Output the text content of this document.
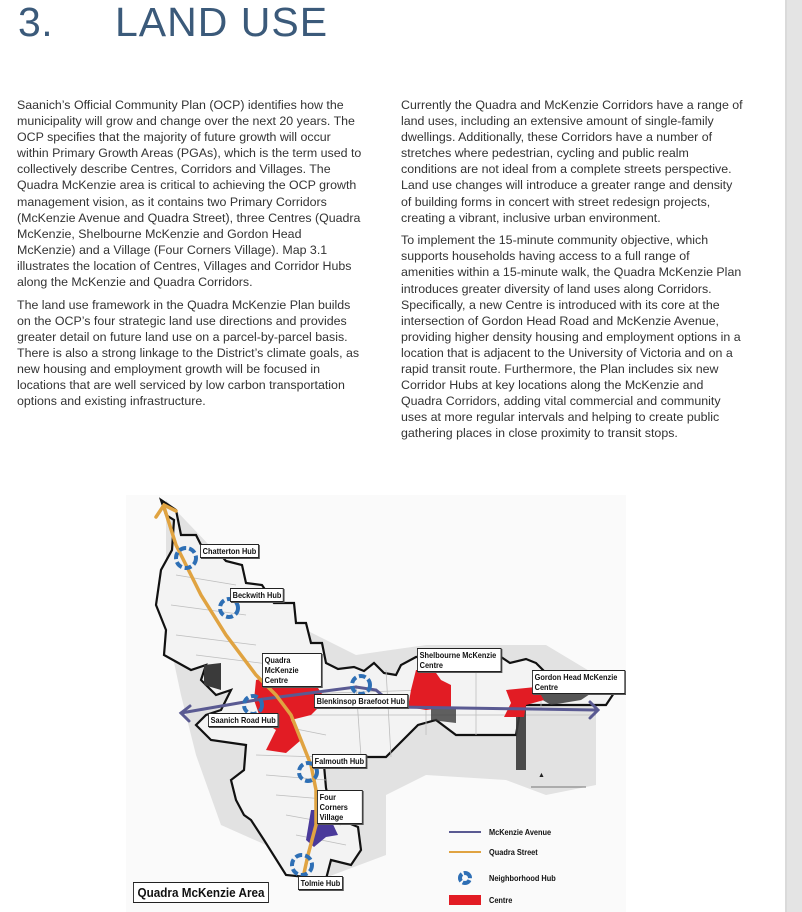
3. LAND USE

Saanich’s Official Community Plan (OCP) identifies how the municipality will grow and change over the next 20 years. The OCP specifies that the majority of future growth will occur within Primary Growth Areas (PGAs), which is the term used to collectively describe Centres, Corridors and Villages. The Quadra McKenzie area is critical to achieving the OCP growth management vision, as it contains two Primary Corridors (McKenzie Avenue and Quadra Street), three Centres (Quadra McKenzie, Shelbourne McKenzie and Gordon Head McKenzie) and a Village (Four Corners Village). Map 3.1 illustrates the location of Centres, Villages and Corridor Hubs along the McKenzie and Quadra Corridors.

The land use framework in the Quadra McKenzie Plan builds on the OCP’s four strategic land use directions and provides greater detail on future land use on a parcel-by-parcel basis. There is also a strong linkage to the District’s climate goals, as new housing and employment growth will be focused in locations that are well serviced by low carbon transportation options and existing infrastructure.

Currently the Quadra and McKenzie Corridors have a range of land uses, including an extensive amount of single-family dwellings. Additionally, these Corridors have a number of stretches where pedestrian, cycling and public realm conditions are not ideal from a complete streets perspective. Land use changes will introduce a greater range and density of building forms in concert with street redesign projects, creating a vibrant, inclusive urban environment.

To implement the 15-minute community objective, which supports households having access to a full range of amenities within a 15-minute walk, the Quadra McKenzie Plan introduces greater diversity of land uses along Corridors. Specifically, a new Centre is introduced with its core at the intersection of Gordon Head Road and McKenzie Avenue, providing higher density housing and employment options in a location that is adjacent to the University of Victoria and on a rapid transit route. Furthermore, the Plan includes six new Corridor Hubs at key locations along the McKenzie and Quadra Corridors, adding vital commercial and community uses at more regular intervals and helping to create public gathering places in close proximity to transit stops.

▲
Chatterton Hub
Beckwith Hub
Quadra McKenzie Centre
Shelbourne McKenzie Centre
Gordon Head McKenzie Centre
Blenkinsop Braefoot Hub
Saanich Road Hub
Falmouth Hub
Four Corners Village
Tolmie Hub
Quadra McKenzie Area
McKenzie Avenue
Quadra Street
Neighborhood Hub
Centre
